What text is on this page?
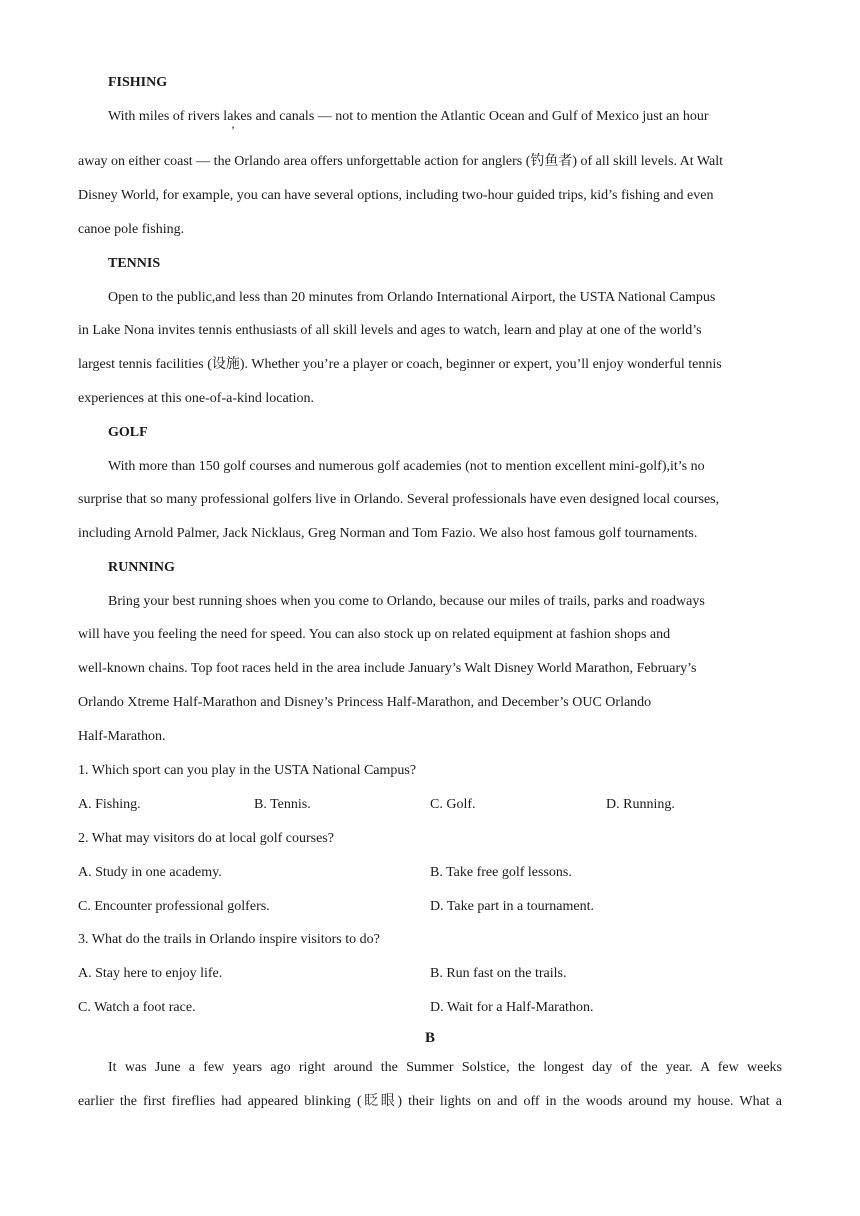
FISHING
With miles of rivers lakes and canals — not to mention the Atlantic Ocean and Gulf of Mexico just an hour
’
away on either coast — the Orlando area offers unforgettable action for anglers (钓鱼者) of all skill levels. At Walt
Disney World, for example, you can have several options, including two-hour guided trips, kid’s fishing and even
canoe pole fishing.
TENNIS
Open to the public,and less than 20 minutes from Orlando International Airport, the USTA National Campus
in Lake Nona invites tennis enthusiasts of all skill levels and ages to watch, learn and play at one of the world’s
largest tennis facilities (设施). Whether you’re a player or coach, beginner or expert, you’ll enjoy wonderful tennis
experiences at this one-of-a-kind location.
GOLF
With more than 150 golf courses and numerous golf academies (not to mention excellent mini-golf),it’s no
surprise that so many professional golfers live in Orlando. Several professionals have even designed local courses,
including Arnold Palmer, Jack Nicklaus, Greg Norman and Tom Fazio. We also host famous golf tournaments.
RUNNING
Bring your best running shoes when you come to Orlando, because our miles of trails, parks and roadways
will have you feeling the need for speed. You can also stock up on related equipment at fashion shops and
well-known chains. Top foot races held in the area include January’s Walt Disney World Marathon, February’s
Orlando Xtreme Half-Marathon and Disney’s Princess Half-Marathon, and December’s OUC Orlando
Half-Marathon.
1. Which sport can you play in the USTA National Campus?
A. Fishing.	B. Tennis.	C. Golf.	D. Running.
2. What may visitors do at local golf courses?
A. Study in one academy.	B. Take free golf lessons.
C. Encounter professional golfers.	D. Take part in a tournament.
3. What do the trails in Orlando inspire visitors to do?
A. Stay here to enjoy life.	B. Run fast on the trails.
C. Watch a foot race.	D. Wait for a Half-Marathon.
B
It was June a few years ago right around the Summer Solstice, the longest day of the year. A few weeks
earlier the first fireflies had appeared blinking (眨眼) their lights on and off in the woods around my house. What a
